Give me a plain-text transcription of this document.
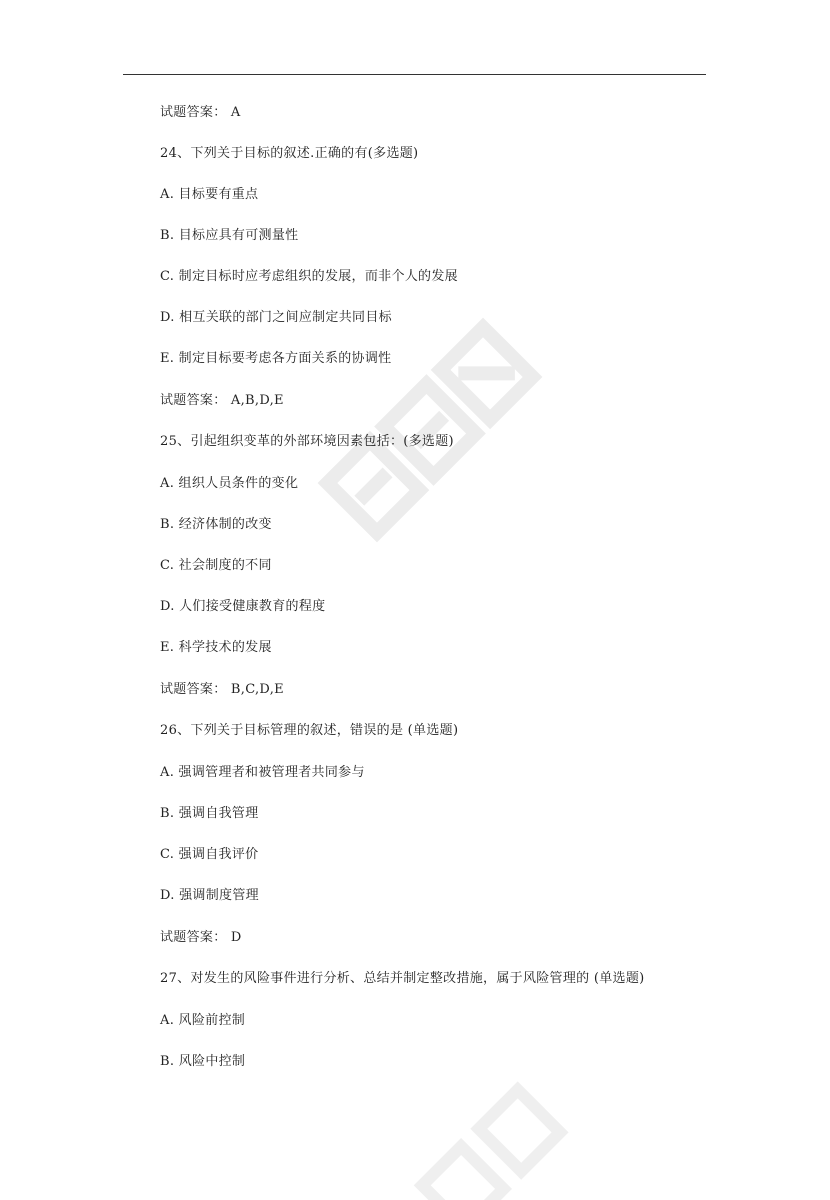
试题答案： A
24、下列关于目标的叙述.正确的有(多选题)
A. 目标要有重点
B. 目标应具有可测量性
C. 制定目标时应考虑组织的发展，而非个人的发展
D. 相互关联的部门之间应制定共同目标
E. 制定目标要考虑各方面关系的协调性
试题答案： A,B,D,E
25、引起组织变革的外部环境因素包括：(多选题)
A. 组织人员条件的变化
B. 经济体制的改变
C. 社会制度的不同
D. 人们接受健康教育的程度
E. 科学技术的发展
试题答案： B,C,D,E
26、下列关于目标管理的叙述，错误的是 (单选题)
A. 强调管理者和被管理者共同参与
B. 强调自我管理
C. 强调自我评价
D. 强调制度管理
试题答案： D
27、对发生的风险事件进行分析、总结并制定整改措施，属于风险管理的 (单选题)
A. 风险前控制
B. 风险中控制
